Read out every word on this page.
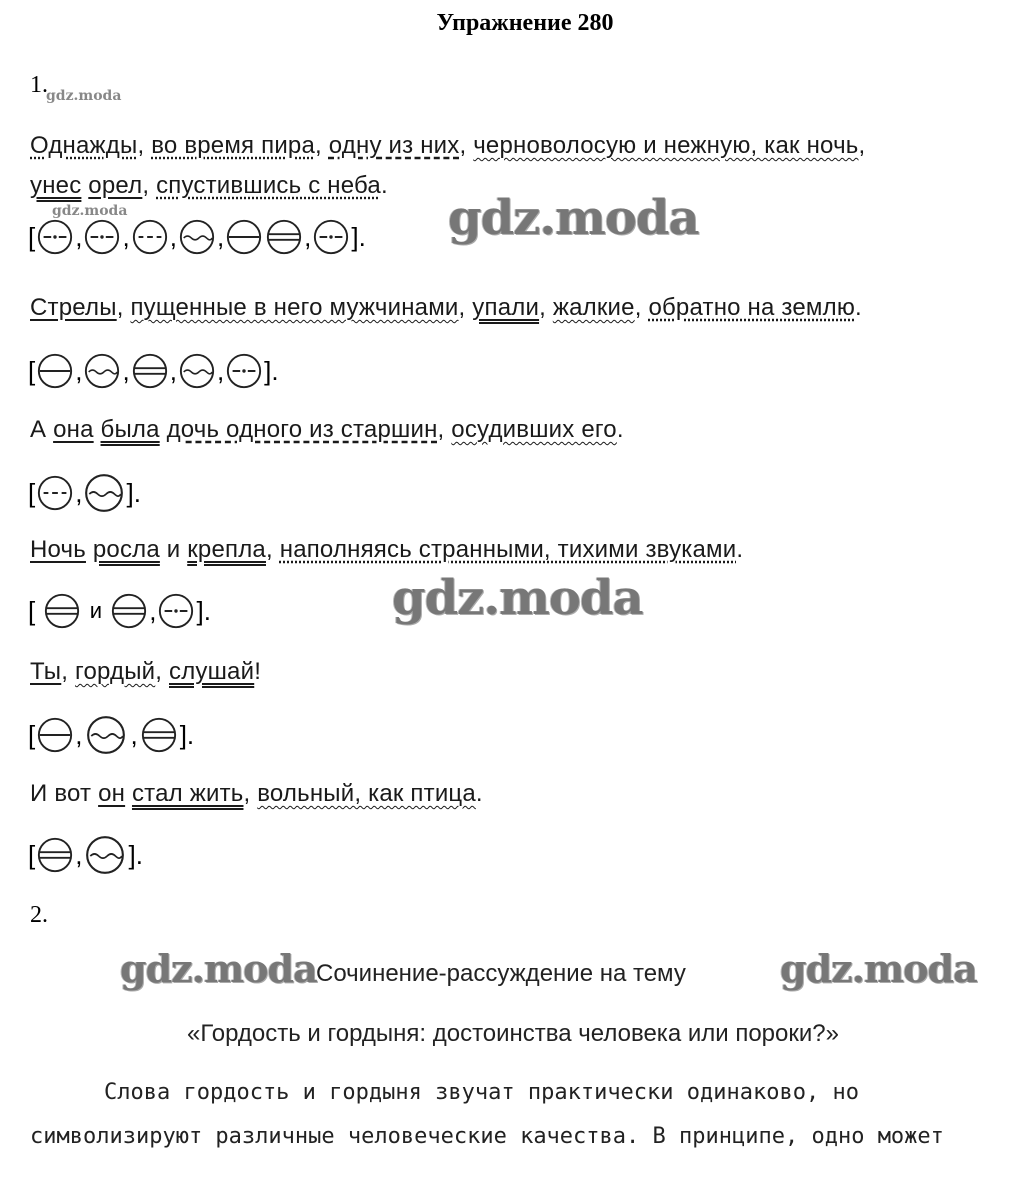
Упражнение 280
1.
gdz.moda
Однажды, во время пира, одну из них, черноволосую и нежную, как ночь,
унес орел, спустившись с неба.
gdz.moda
[ , , , ,	, ]. gdz.moda
Стрелы, пущенные в него мужчинами, упали, жалкие, обратно на землю.
[ , , , , ].
А она была дочь одного из старшин, осудивших его.
[ , ].
Ночь росла и крепла, наполняясь странными, тихими звуками.
[

и
, ].	gdz.moda
Ты, гордый, слушай!
[ , , ].
И вот он стал жить, вольный, как птица.
[ , ].
2.
gdz.moda Сочинение-рассуждение на тему gdz.moda
«Гордость и гордыня: достоинства человека или пороки?»
Слова гордость и гордыня звучат практически одинаково, но
символизируют различные человеческие качества. В принципе, одно может
